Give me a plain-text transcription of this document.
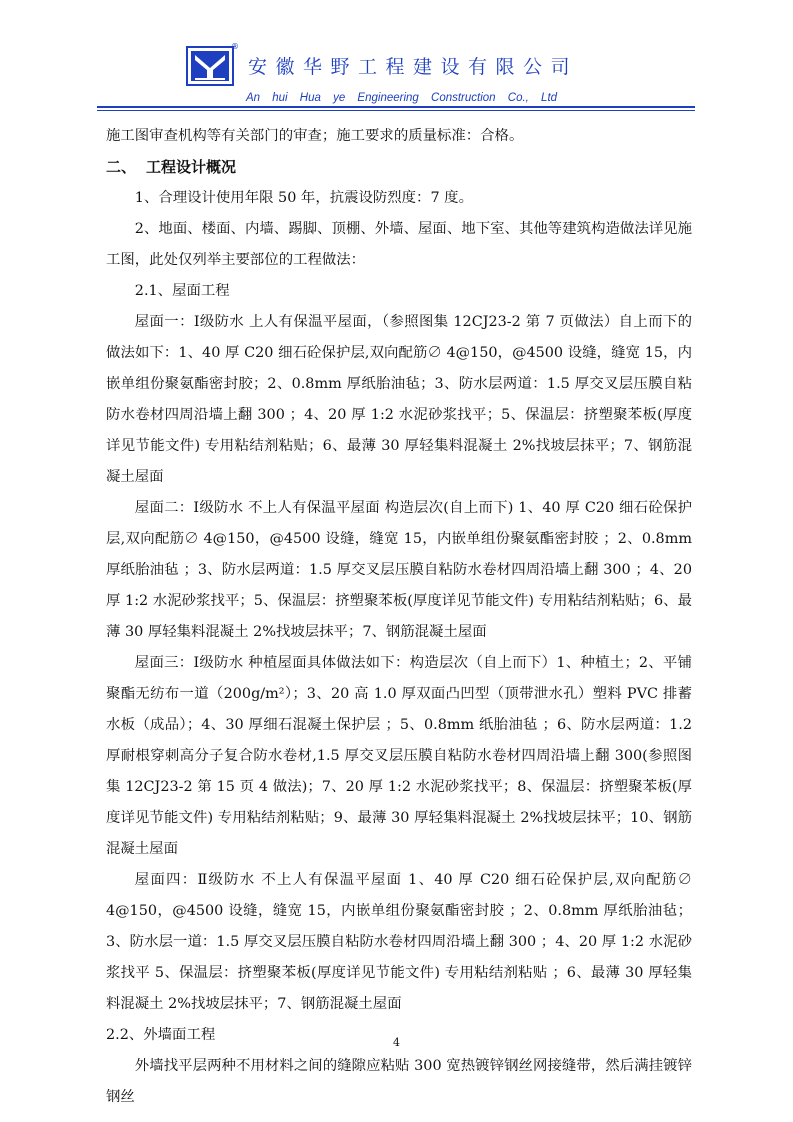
®
安徽华野工程建设有限公司
An hui Hua ye Engineering Construction Co., Ltd

施工图审查机构等有关部门的审查；施工要求的质量标准：合格。

二、 工程设计概况

1、合理设计使用年限 50 年，抗震设防烈度：7 度。

2、地面、楼面、内墙、踢脚、顶棚、外墙、屋面、地下室、其他等建筑构造做法详见施工图，此处仅列举主要部位的工程做法：

2.1、屋面工程

屋面一：Ⅰ级防水 上人有保温平屋面，（参照图集 12CJ23-2 第 7 页做法）自上而下的做法如下：1、40 厚 C20 细石砼保护层,双向配筋∅ 4@150，@4500 设缝，缝宽 15，内嵌单组份聚氨酯密封胶；2、0.8mm 厚纸胎油毡；3、防水层两道：1.5 厚交叉层压膜自粘防水卷材四周沿墙上翻 300 ；4、20 厚 1:2 水泥砂浆找平；5、保温层：挤塑聚苯板(厚度详见节能文件) 专用粘结剂粘贴；6、最薄 30 厚轻集料混凝土 2%找坡层抹平；7、钢筋混凝土屋面

屋面二：Ⅰ级防水 不上人有保温平屋面 构造层次(自上而下) 1、40 厚 C20 细石砼保护层,双向配筋∅ 4@150，@4500 设缝，缝宽 15，内嵌单组份聚氨酯密封胶 ；2、0.8mm 厚纸胎油毡 ；3、防水层两道：1.5 厚交叉层压膜自粘防水卷材四周沿墙上翻 300 ；4、20 厚 1:2 水泥砂浆找平；5、保温层：挤塑聚苯板(厚度详见节能文件) 专用粘结剂粘贴；6、最薄 30 厚轻集料混凝土 2%找坡层抹平；7、钢筋混凝土屋面

屋面三：Ⅰ级防水 种植屋面具体做法如下：构造层次（自上而下）1、种植土；2、平铺聚酯无纺布一道（200g/m²）；3、20 高 1.0 厚双面凸凹型（顶带泄水孔）塑料 PVC 排蓄水板（成品）；4、30 厚细石混凝土保护层 ；5、0.8mm 纸胎油毡 ；6、防水层两道：1.2 厚耐根穿刺高分子复合防水卷材,1.5 厚交叉层压膜自粘防水卷材四周沿墙上翻 300(参照图集 12CJ23-2 第 15 页 4 做法)；7、20 厚 1:2 水泥砂浆找平；8、保温层：挤塑聚苯板(厚度详见节能文件) 专用粘结剂粘贴；9、最薄 30 厚轻集料混凝土 2%找坡层抹平；10、钢筋混凝土屋面

屋面四：Ⅱ级防水 不上人有保温平屋面 1、40 厚 C20 细石砼保护层,双向配筋∅ 4@150，@4500 设缝，缝宽 15，内嵌单组份聚氨酯密封胶 ；2、0.8mm 厚纸胎油毡；3、防水层一道：1.5 厚交叉层压膜自粘防水卷材四周沿墙上翻 300 ；4、20 厚 1:2 水泥砂浆找平 5、保温层：挤塑聚苯板(厚度详见节能文件) 专用粘结剂粘贴 ；6、最薄 30 厚轻集料混凝土 2%找坡层抹平；7、钢筋混凝土屋面

2.2、外墙面工程

外墙找平层两种不用材料之间的缝隙应粘贴 300 宽热镀锌钢丝网接缝带，然后满挂镀锌钢丝

4
